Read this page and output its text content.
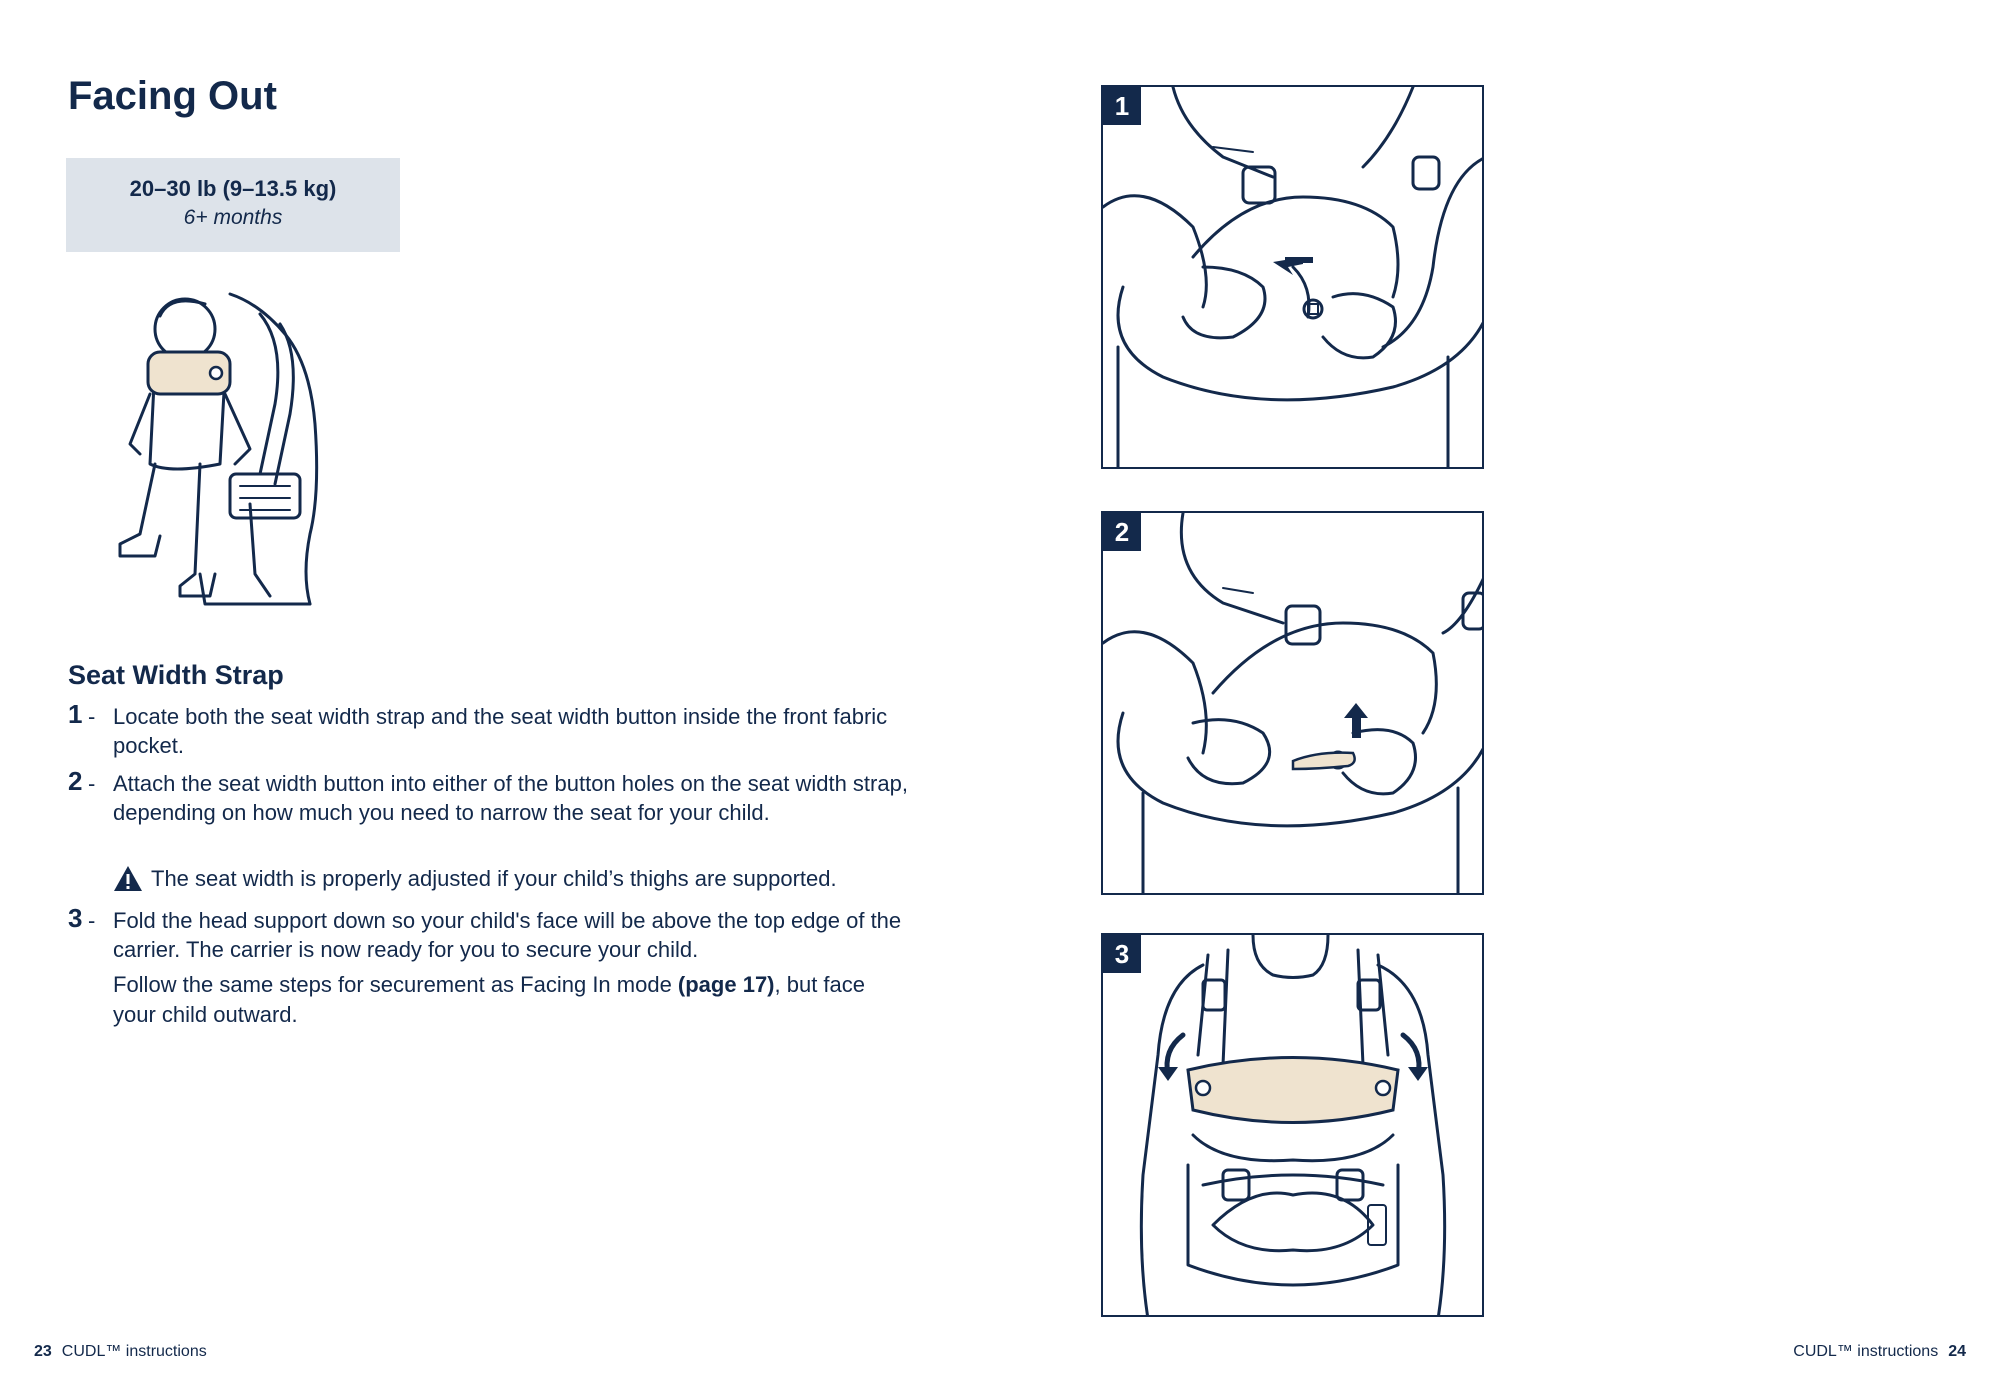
Facing Out
20–30 lb (9–13.5 kg)
6+ months
Seat Width Strap
1 - Locate both the seat width strap and the seat width button inside the front fabric pocket.
2 - Attach the seat width button into either of the button holes on the seat width strap, depending on how much you need to narrow the seat for your child.
The seat width is properly adjusted if your child’s thighs are supported.
3 - Fold the head support down so your child's face will be above the top edge of the carrier. The carrier is now ready for you to secure your child.
Follow the same steps for securement as Facing In mode (page 17), but face your child outward.
1
2
3
23 CUDL™ instructions	CUDL™ instructions 24
